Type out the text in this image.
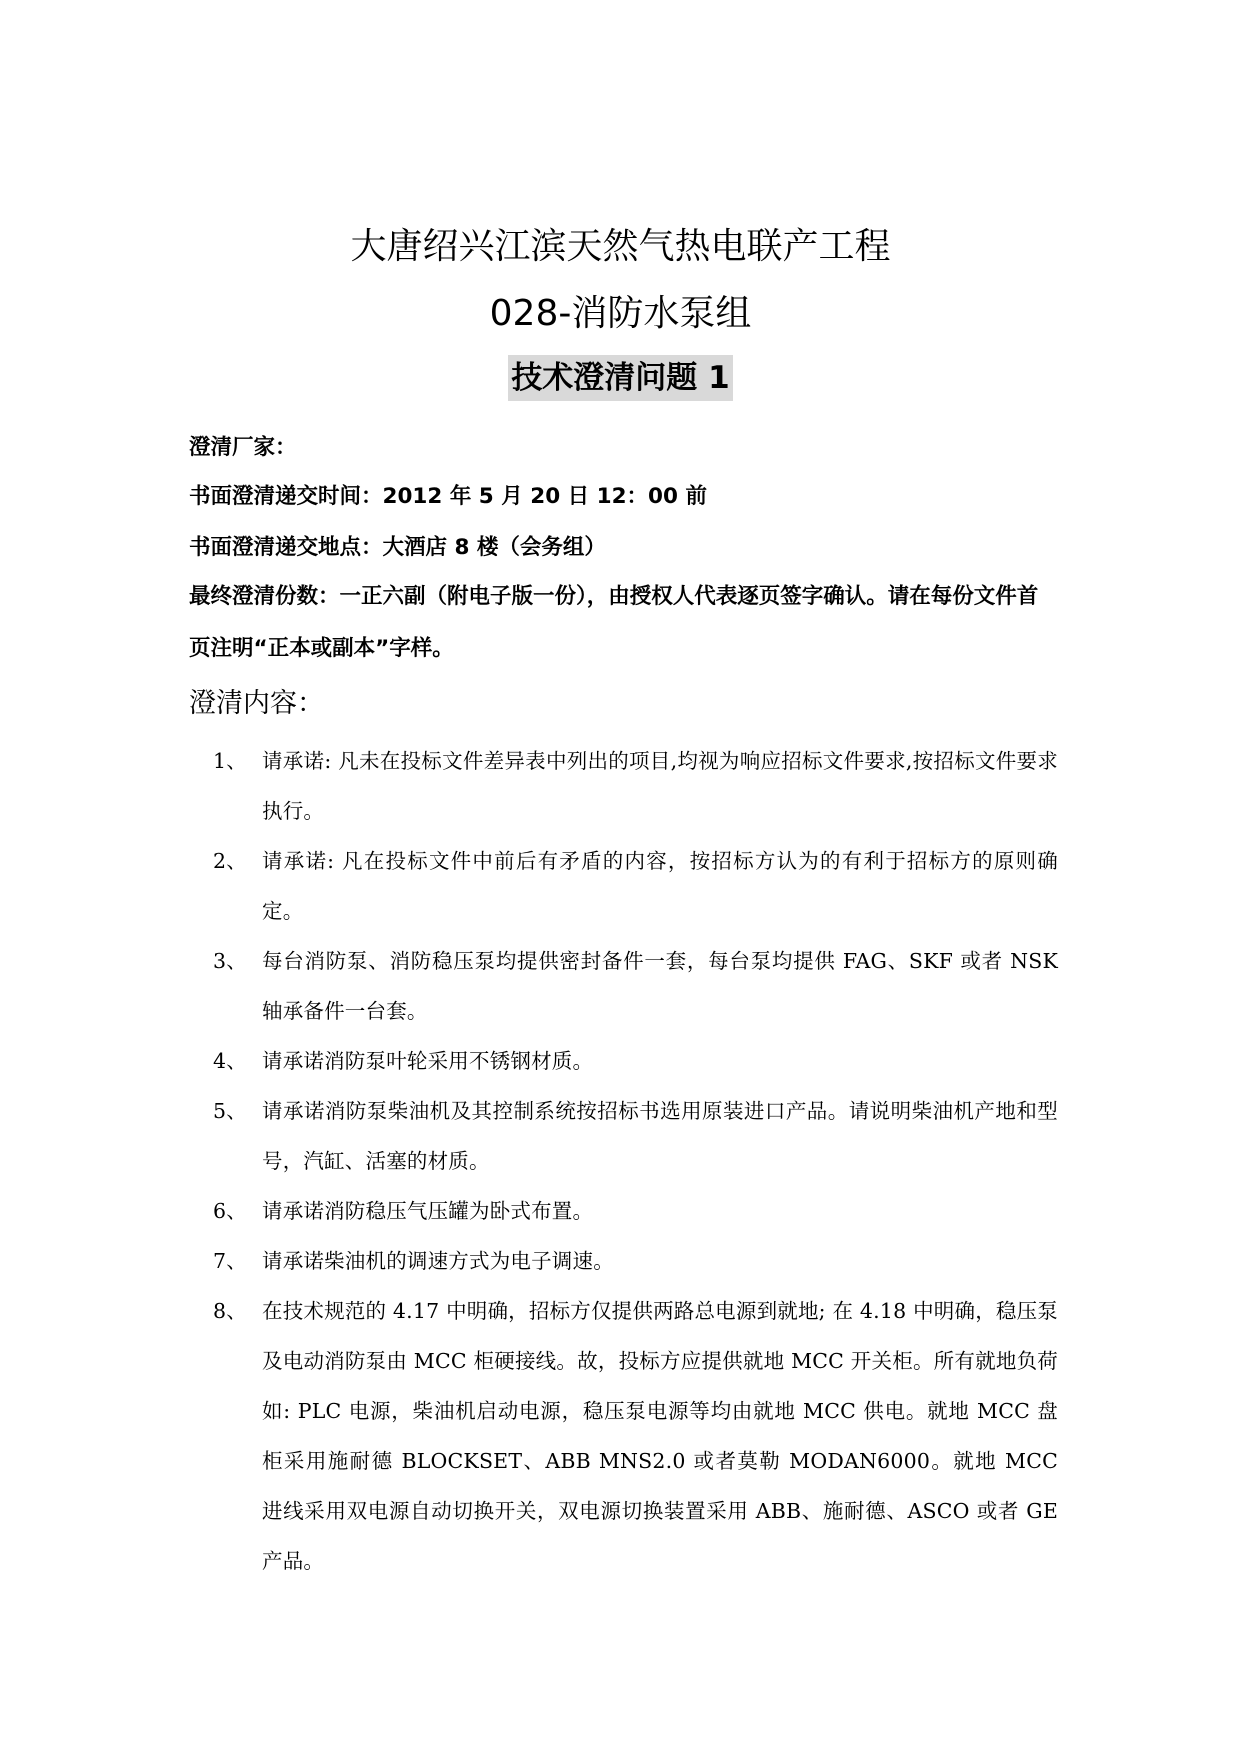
大唐绍兴江滨天然气热电联产工程
028-消防水泵组
技术澄清问题 1
澄清厂家：
书面澄清递交时间：2012 年 5 月 20 日 12：00 前
书面澄清递交地点：大酒店 8 楼（会务组）
最终澄清份数：一正六副（附电子版一份），由授权人代表逐页签字确认。请在每份文件首页注明“正本或副本”字样。
澄清内容：
1、 请承诺: 凡未在投标文件差异表中列出的项目,均视为响应招标文件要求,按招标文件要求执行。
2、 请承诺: 凡在投标文件中前后有矛盾的内容，按招标方认为的有利于招标方的原则确定。
3、 每台消防泵、消防稳压泵均提供密封备件一套，每台泵均提供 FAG、SKF 或者 NSK 轴承备件一台套。
4、 请承诺消防泵叶轮采用不锈钢材质。
5、 请承诺消防泵柴油机及其控制系统按招标书选用原装进口产品。请说明柴油机产地和型号，汽缸、活塞的材质。
6、 请承诺消防稳压气压罐为卧式布置。
7、 请承诺柴油机的调速方式为电子调速。
8、 在技术规范的 4.17 中明确，招标方仅提供两路总电源到就地; 在 4.18 中明确，稳压泵及电动消防泵由 MCC 柜硬接线。故，投标方应提供就地 MCC 开关柜。所有就地负荷如: PLC 电源，柴油机启动电源，稳压泵电源等均由就地 MCC 供电。就地 MCC 盘柜采用施耐德 BLOCKSET、ABB MNS2.0 或者莫勒 MODAN6000。就地 MCC 进线采用双电源自动切换开关，双电源切换装置采用 ABB、施耐德、ASCO 或者 GE 产品。
